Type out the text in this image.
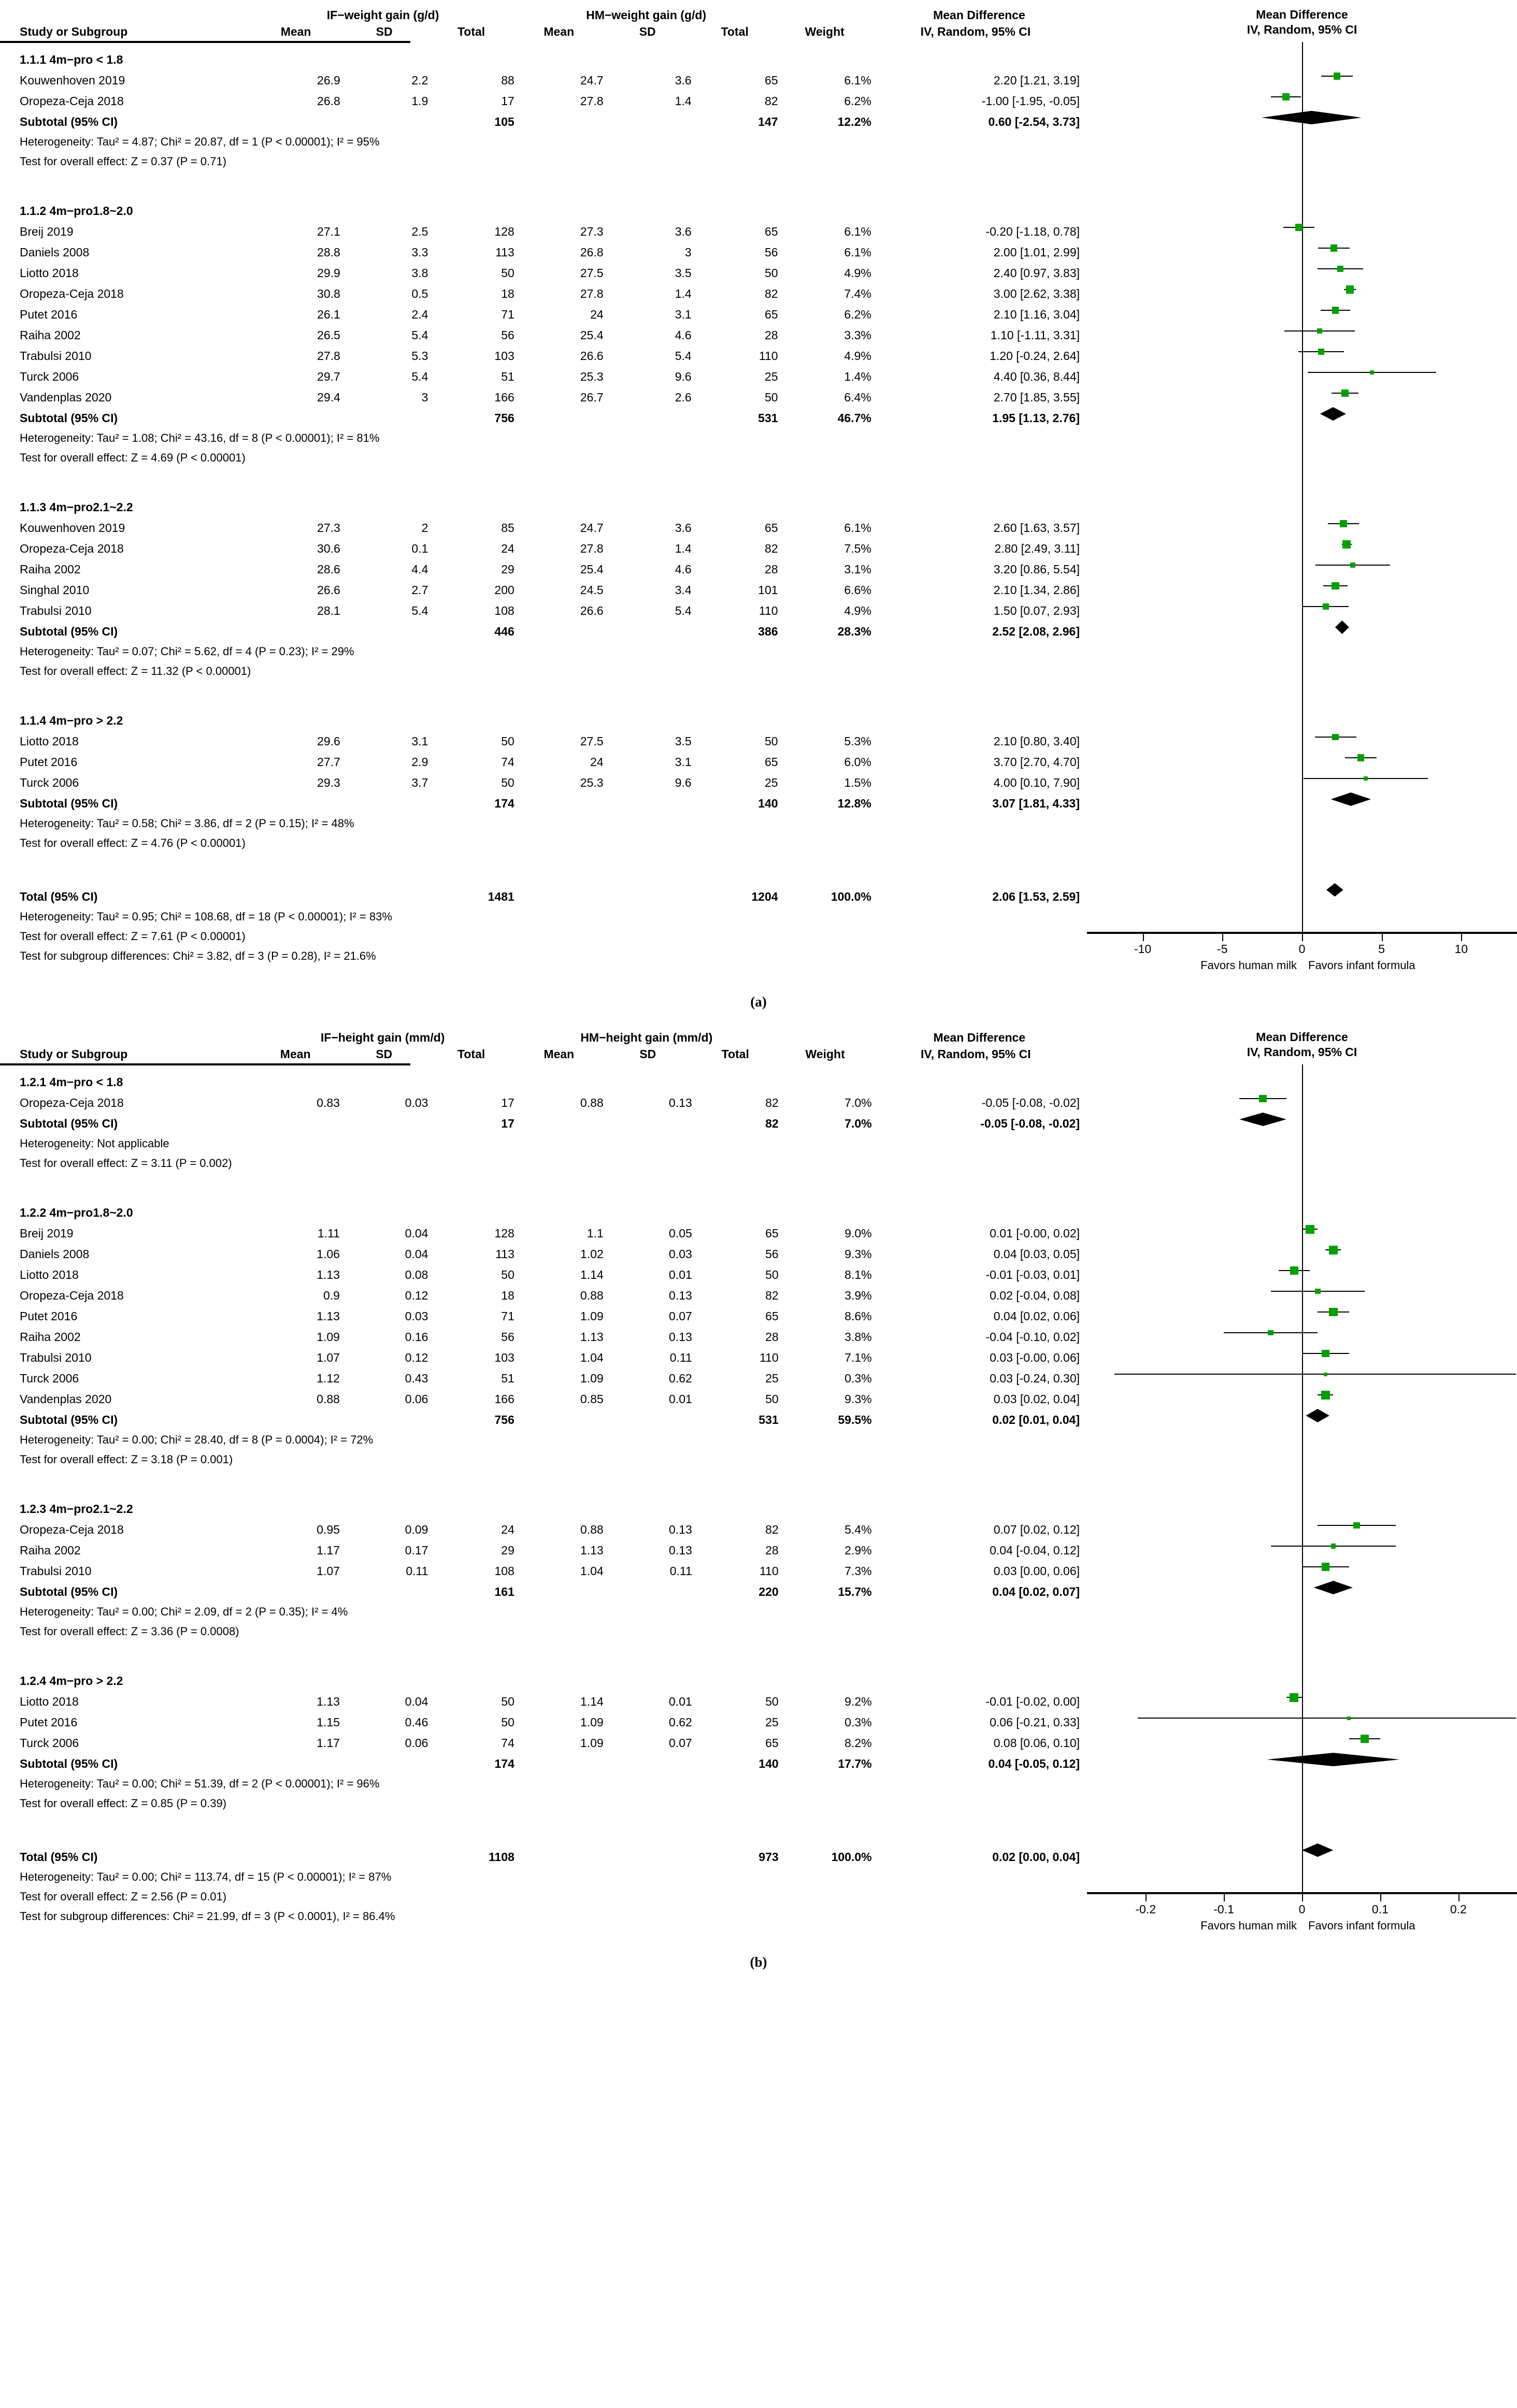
	IF−weight gain (g/d)			HM−weight gain (g/d)				Mean Difference
Study or Subgroup	Mean	SD	Total	Mean	SD	Total	Weight	IV, Random, 95% CI
1.1.1 4m−pro < 1.8								
Kouwenhoven 2019	26.9	2.2	88	24.7	3.6	65	6.1%	2.20 [1.21, 3.19]
Oropeza-Ceja 2018	26.8	1.9	17	27.8	1.4	82	6.2%	-1.00 [-1.95, -0.05]
Subtotal (95% CI)			105			147	12.2%	0.60 [-2.54, 3.73]
Heterogeneity: Tau² = 4.87; Chi² = 20.87, df = 1 (P < 0.00001); I² = 95%								
Test for overall effect: Z = 0.37 (P = 0.71)								

1.1.2 4m−pro1.8~2.0								
Breij 2019	27.1	2.5	128	27.3	3.6	65	6.1%	-0.20 [-1.18, 0.78]
Daniels 2008	28.8	3.3	113	26.8	3	56	6.1%	2.00 [1.01, 2.99]
Liotto 2018	29.9	3.8	50	27.5	3.5	50	4.9%	2.40 [0.97, 3.83]
Oropeza-Ceja 2018	30.8	0.5	18	27.8	1.4	82	7.4%	3.00 [2.62, 3.38]
Putet 2016	26.1	2.4	71	24	3.1	65	6.2%	2.10 [1.16, 3.04]
Raiha 2002	26.5	5.4	56	25.4	4.6	28	3.3%	1.10 [-1.11, 3.31]
Trabulsi 2010	27.8	5.3	103	26.6	5.4	110	4.9%	1.20 [-0.24, 2.64]
Turck 2006	29.7	5.4	51	25.3	9.6	25	1.4%	4.40 [0.36, 8.44]
Vandenplas 2020	29.4	3	166	26.7	2.6	50	6.4%	2.70 [1.85, 3.55]
Subtotal (95% CI)			756			531	46.7%	1.95 [1.13, 2.76]
Heterogeneity: Tau² = 1.08; Chi² = 43.16, df = 8 (P < 0.00001); I² = 81%								
Test for overall effect: Z = 4.69 (P < 0.00001)								

1.1.3 4m−pro2.1~2.2								
Kouwenhoven 2019	27.3	2	85	24.7	3.6	65	6.1%	2.60 [1.63, 3.57]
Oropeza-Ceja 2018	30.6	0.1	24	27.8	1.4	82	7.5%	2.80 [2.49, 3.11]
Raiha 2002	28.6	4.4	29	25.4	4.6	28	3.1%	3.20 [0.86, 5.54]
Singhal 2010	26.6	2.7	200	24.5	3.4	101	6.6%	2.10 [1.34, 2.86]
Trabulsi 2010	28.1	5.4	108	26.6	5.4	110	4.9%	1.50 [0.07, 2.93]
Subtotal (95% CI)			446			386	28.3%	2.52 [2.08, 2.96]
Heterogeneity: Tau² = 0.07; Chi² = 5.62, df = 4 (P = 0.23); I² = 29%								
Test for overall effect: Z = 11.32 (P < 0.00001)								

1.1.4 4m−pro > 2.2								
Liotto 2018	29.6	3.1	50	27.5	3.5	50	5.3%	2.10 [0.80, 3.40]
Putet 2016	27.7	2.9	74	24	3.1	65	6.0%	3.70 [2.70, 4.70]
Turck 2006	29.3	3.7	50	25.3	9.6	25	1.5%	4.00 [0.10, 7.90]
Subtotal (95% CI)			174			140	12.8%	3.07 [1.81, 4.33]
Heterogeneity: Tau² = 0.58; Chi² = 3.86, df = 2 (P = 0.15); I² = 48%								
Test for overall effect: Z = 4.76 (P < 0.00001)								

Total (95% CI)			1481			1204	100.0%	2.06 [1.53, 2.59]
Heterogeneity: Tau² = 0.95; Chi² = 108.68, df = 18 (P < 0.00001); I² = 83%								
Test for overall effect: Z = 7.61 (P < 0.00001)								
Test for subgroup differences: Chi² = 3.82, df = 3 (P = 0.28), I² = 21.6%								
Mean Difference
IV, Random, 95% CI
-10	-5	0	5	10
Favors human milk Favors infant formula
(a)
	IF−height gain (mm/d)			HM−height gain (mm/d)				Mean Difference
Study or Subgroup	Mean	SD	Total	Mean	SD	Total	Weight	IV, Random, 95% CI
1.2.1 4m−pro < 1.8								
Oropeza-Ceja 2018	0.83	0.03	17	0.88	0.13	82	7.0%	-0.05 [-0.08, -0.02]
Subtotal (95% CI)			17			82	7.0%	-0.05 [-0.08, -0.02]
Heterogeneity: Not applicable								
Test for overall effect: Z = 3.11 (P = 0.002)								

1.2.2 4m−pro1.8~2.0								
Breij 2019	1.11	0.04	128	1.1	0.05	65	9.0%	0.01 [-0.00, 0.02]
Daniels 2008	1.06	0.04	113	1.02	0.03	56	9.3%	0.04 [0.03, 0.05]
Liotto 2018	1.13	0.08	50	1.14	0.01	50	8.1%	-0.01 [-0.03, 0.01]
Oropeza-Ceja 2018	0.9	0.12	18	0.88	0.13	82	3.9%	0.02 [-0.04, 0.08]
Putet 2016	1.13	0.03	71	1.09	0.07	65	8.6%	0.04 [0.02, 0.06]
Raiha 2002	1.09	0.16	56	1.13	0.13	28	3.8%	-0.04 [-0.10, 0.02]
Trabulsi 2010	1.07	0.12	103	1.04	0.11	110	7.1%	0.03 [-0.00, 0.06]
Turck 2006	1.12	0.43	51	1.09	0.62	25	0.3%	0.03 [-0.24, 0.30]
Vandenplas 2020	0.88	0.06	166	0.85	0.01	50	9.3%	0.03 [0.02, 0.04]
Subtotal (95% CI)			756			531	59.5%	0.02 [0.01, 0.04]
Heterogeneity: Tau² = 0.00; Chi² = 28.40, df = 8 (P = 0.0004); I² = 72%								
Test for overall effect: Z = 3.18 (P = 0.001)								

1.2.3 4m−pro2.1~2.2								
Oropeza-Ceja 2018	0.95	0.09	24	0.88	0.13	82	5.4%	0.07 [0.02, 0.12]
Raiha 2002	1.17	0.17	29	1.13	0.13	28	2.9%	0.04 [-0.04, 0.12]
Trabulsi 2010	1.07	0.11	108	1.04	0.11	110	7.3%	0.03 [0.00, 0.06]
Subtotal (95% CI)			161			220	15.7%	0.04 [0.02, 0.07]
Heterogeneity: Tau² = 0.00; Chi² = 2.09, df = 2 (P = 0.35); I² = 4%								
Test for overall effect: Z = 3.36 (P = 0.0008)								

1.2.4 4m−pro > 2.2								
Liotto 2018	1.13	0.04	50	1.14	0.01	50	9.2%	-0.01 [-0.02, 0.00]
Putet 2016	1.15	0.46	50	1.09	0.62	25	0.3%	0.06 [-0.21, 0.33]
Turck 2006	1.17	0.06	74	1.09	0.07	65	8.2%	0.08 [0.06, 0.10]
Subtotal (95% CI)			174			140	17.7%	0.04 [-0.05, 0.12]
Heterogeneity: Tau² = 0.00; Chi² = 51.39, df = 2 (P < 0.00001); I² = 96%								
Test for overall effect: Z = 0.85 (P = 0.39)								

Total (95% CI)			1108			973	100.0%	0.02 [0.00, 0.04]
Heterogeneity: Tau² = 0.00; Chi² = 113.74, df = 15 (P < 0.00001); I² = 87%								
Test for overall effect: Z = 2.56 (P = 0.01)								
Test for subgroup differences: Chi² = 21.99, df = 3 (P < 0.0001), I² = 86.4%								
Mean Difference
IV, Random, 95% CI
-0.2	-0.1	0	0.1	0.2
Favors human milk Favors infant formula
(b)
